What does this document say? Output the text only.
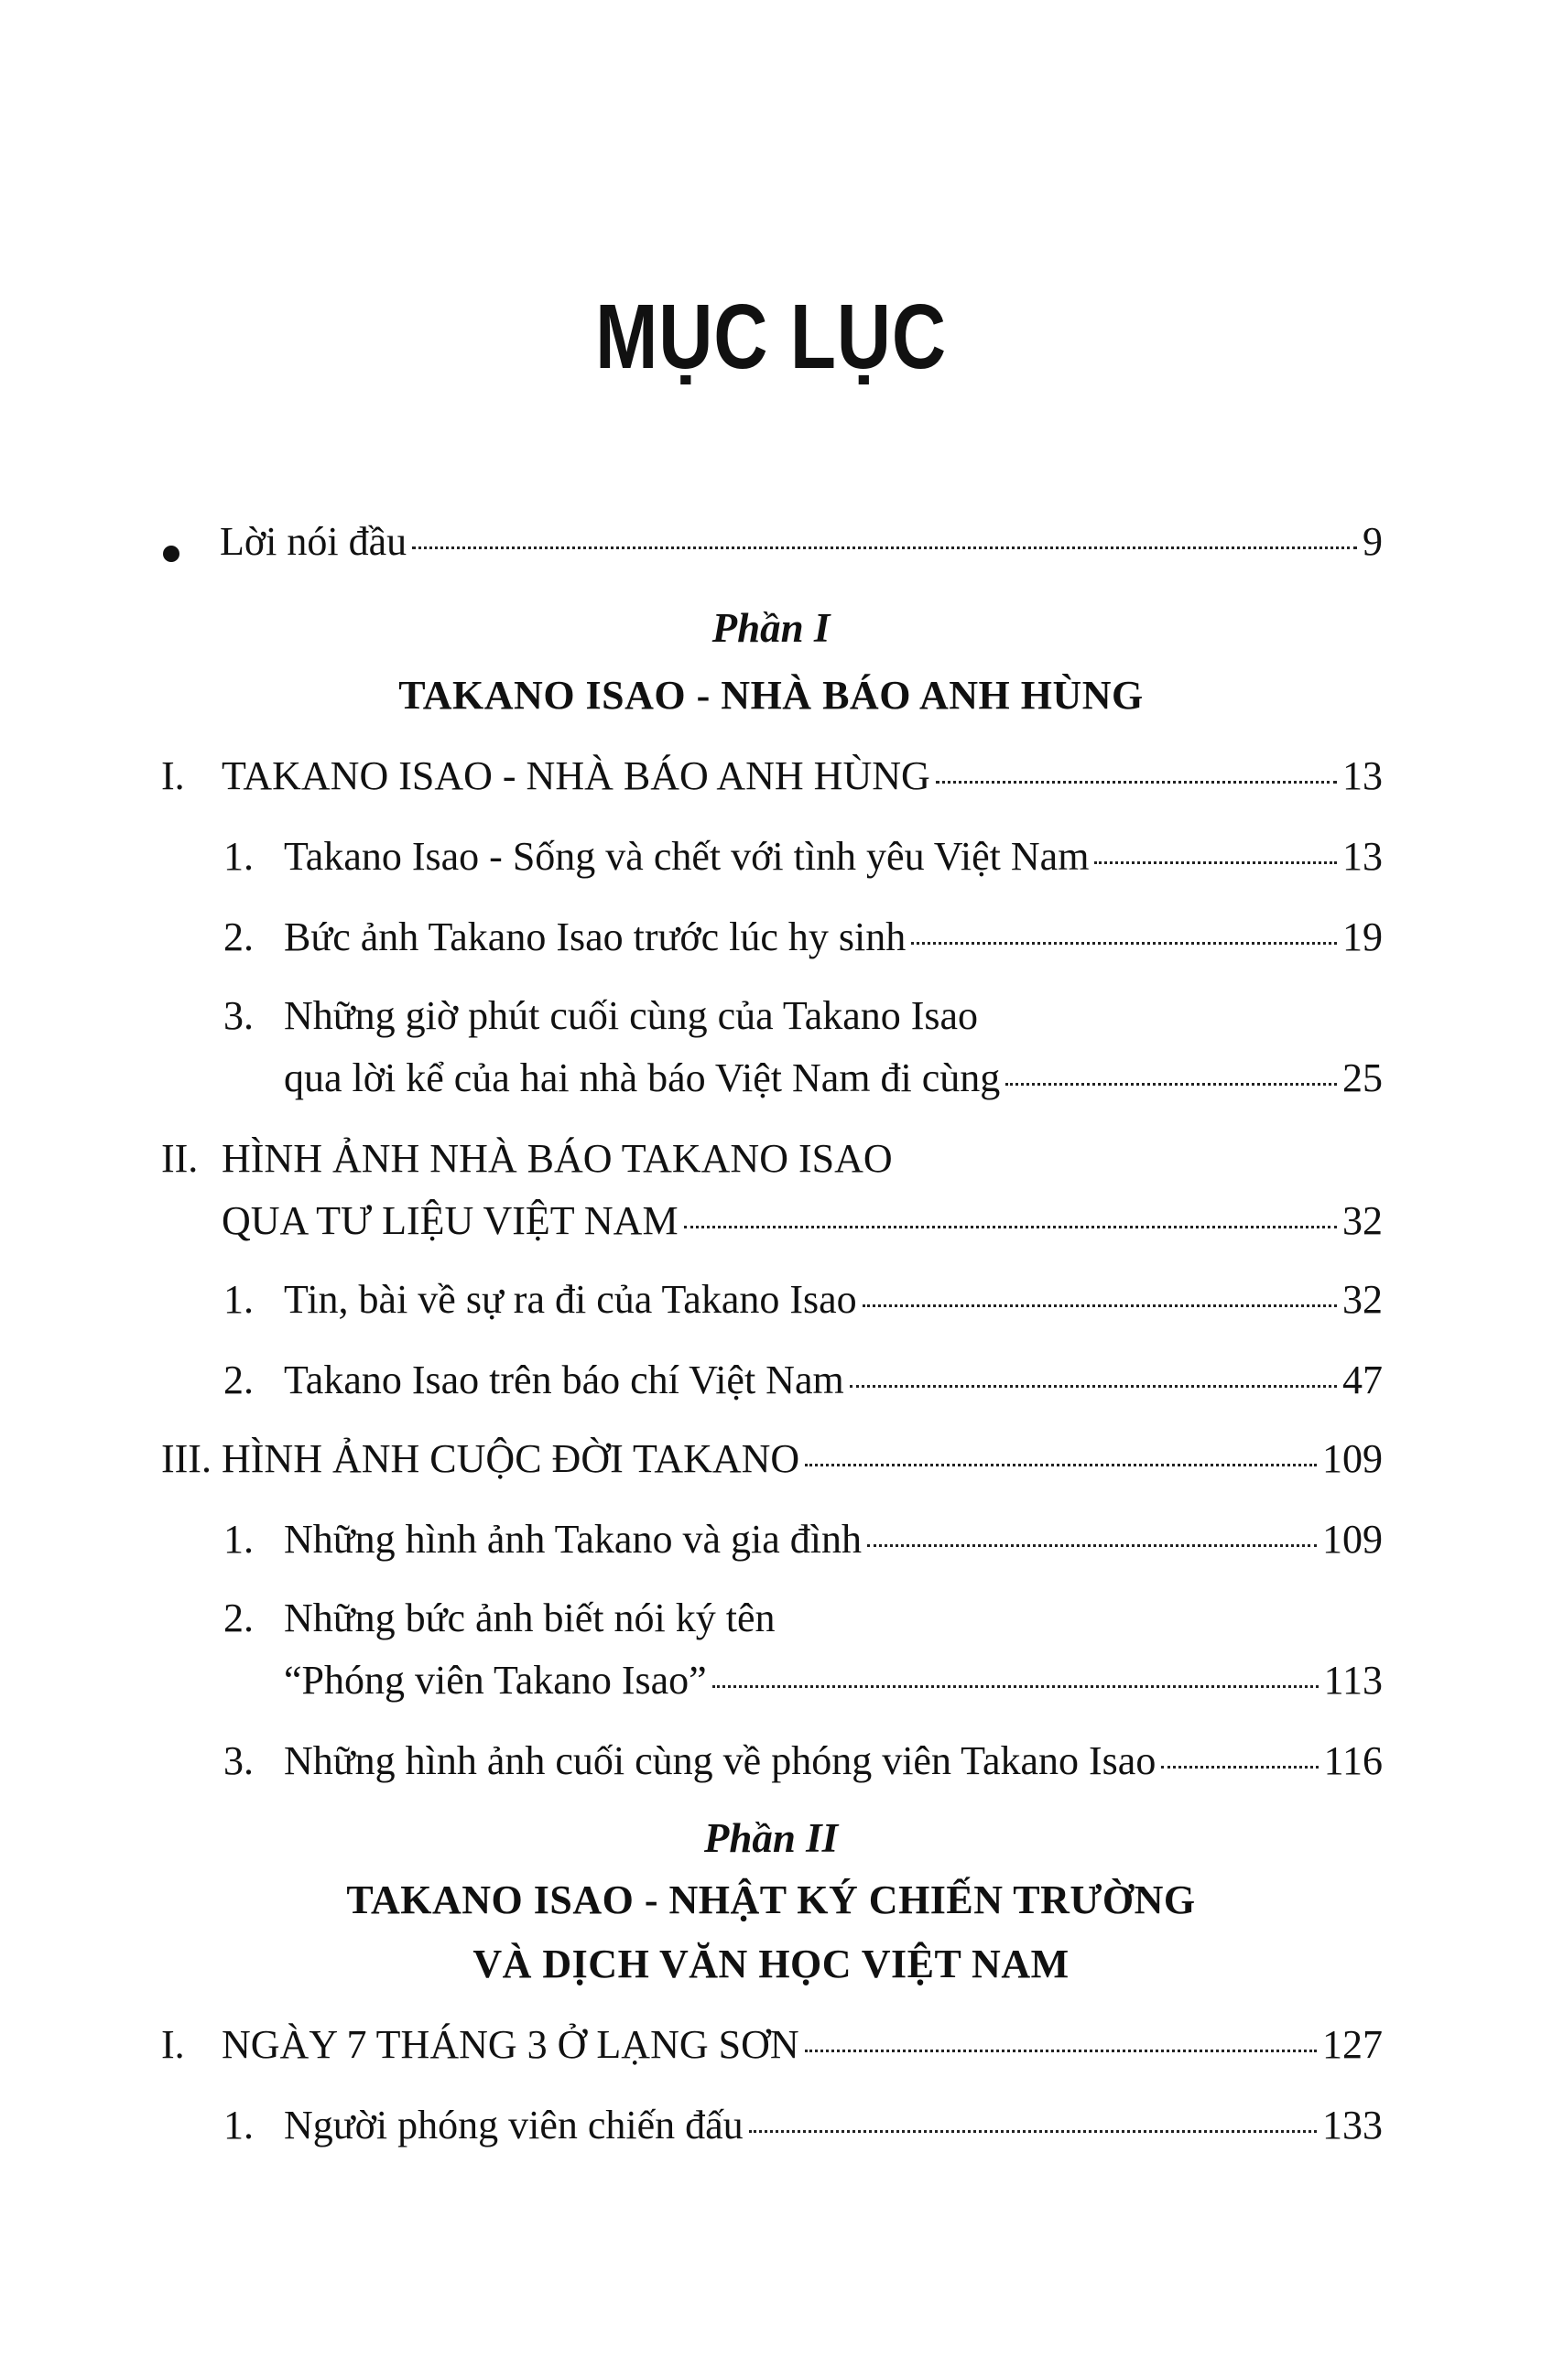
MỤC LỤC
Lời nói đầu	9
Phần I
TAKANO ISAO - NHÀ BÁO ANH HÙNG
I. TAKANO ISAO - NHÀ BÁO ANH HÙNG	13
1. Takano Isao - Sống và chết với tình yêu Việt Nam	13
2. Bức ảnh Takano Isao trước lúc hy sinh	19
3. Những giờ phút cuối cùng của Takano Isao
qua lời kể của hai nhà báo Việt Nam đi cùng	25
II. HÌNH ẢNH NHÀ BÁO TAKANO ISAO
QUA TƯ LIỆU VIỆT NAM	32
1. Tin, bài về sự ra đi của Takano Isao	32
2. Takano Isao trên báo chí Việt Nam	47
III. HÌNH ẢNH CUỘC ĐỜI TAKANO	109
1. Những hình ảnh Takano và gia đình	109
2. Những bức ảnh biết nói ký tên
“Phóng viên Takano Isao”	113
3. Những hình ảnh cuối cùng về phóng viên Takano Isao	116
Phần II
TAKANO ISAO - NHẬT KÝ CHIẾN TRƯỜNG
VÀ DỊCH VĂN HỌC VIỆT NAM
I. NGÀY 7 THÁNG 3 Ở LẠNG SƠN	127
1. Người phóng viên chiến đấu	133
